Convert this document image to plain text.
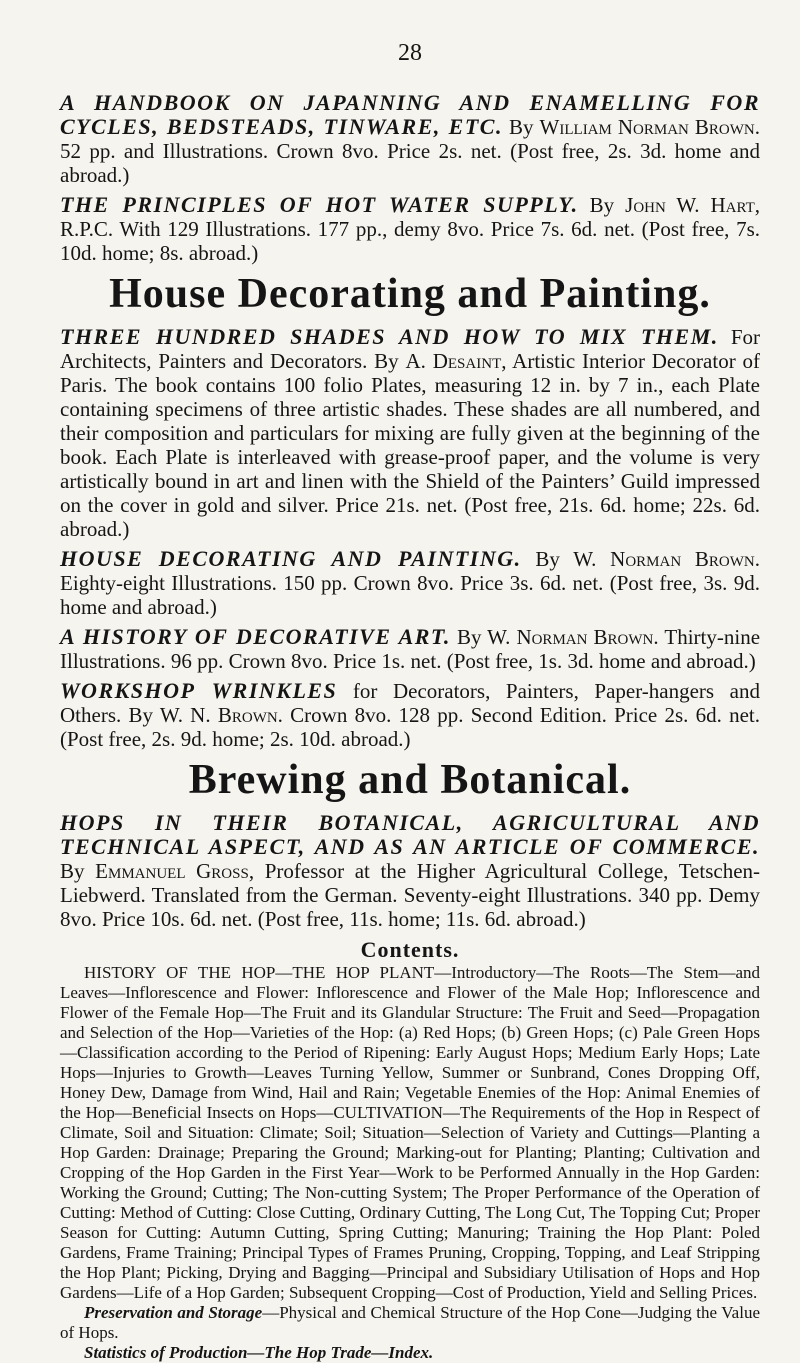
28

A HANDBOOK ON JAPANNING AND ENAMELLING FOR CYCLES, BEDSTEADS, TINWARE, ETC. By William Norman Brown. 52 pp. and Illustrations. Crown 8vo. Price 2s. net. (Post free, 2s. 3d. home and abroad.)

THE PRINCIPLES OF HOT WATER SUPPLY. By John W. Hart, R.P.C. With 129 Illustrations. 177 pp., demy 8vo. Price 7s. 6d. net. (Post free, 7s. 10d. home; 8s. abroad.)

House Decorating and Painting.

THREE HUNDRED SHADES AND HOW TO MIX THEM. For Architects, Painters and Decorators. By A. Desaint, Artistic Interior Decorator of Paris. The book contains 100 folio Plates, measuring 12 in. by 7 in., each Plate containing specimens of three artistic shades. These shades are all numbered, and their composition and particulars for mixing are fully given at the beginning of the book. Each Plate is interleaved with grease-proof paper, and the volume is very artistically bound in art and linen with the Shield of the Painters’ Guild impressed on the cover in gold and silver. Price 21s. net. (Post free, 21s. 6d. home; 22s. 6d. abroad.)

HOUSE DECORATING AND PAINTING. By W. Norman Brown. Eighty-eight Illustrations. 150 pp. Crown 8vo. Price 3s. 6d. net. (Post free, 3s. 9d. home and abroad.)

A HISTORY OF DECORATIVE ART. By W. Norman Brown. Thirty-nine Illustrations. 96 pp. Crown 8vo. Price 1s. net. (Post free, 1s. 3d. home and abroad.)

WORKSHOP WRINKLES for Decorators, Painters, Paper-hangers and Others. By W. N. Brown. Crown 8vo. 128 pp. Second Edition. Price 2s. 6d. net. (Post free, 2s. 9d. home; 2s. 10d. abroad.)

Brewing and Botanical.

HOPS IN THEIR BOTANICAL, AGRICULTURAL AND TECHNICAL ASPECT, AND AS AN ARTICLE OF COMMERCE. By Emmanuel Gross, Professor at the Higher Agricultural College, Tetschen-Liebwerd. Translated from the German. Seventy-eight Illustrations. 340 pp. Demy 8vo. Price 10s. 6d. net. (Post free, 11s. home; 11s. 6d. abroad.)

Contents.

HISTORY OF THE HOP—THE HOP PLANT—Introductory—The Roots—The Stem—and Leaves—Inflorescence and Flower: Inflorescence and Flower of the Male Hop; Inflorescence and Flower of the Female Hop—The Fruit and its Glandular Structure: The Fruit and Seed—Propagation and Selection of the Hop—Varieties of the Hop: (a) Red Hops; (b) Green Hops; (c) Pale Green Hops—Classification according to the Period of Ripening: Early August Hops; Medium Early Hops; Late Hops—Injuries to Growth—Leaves Turning Yellow, Summer or Sunbrand, Cones Dropping Off, Honey Dew, Damage from Wind, Hail and Rain; Vegetable Enemies of the Hop: Animal Enemies of the Hop—Beneficial Insects on Hops—CULTIVATION—The Requirements of the Hop in Respect of Climate, Soil and Situation: Climate; Soil; Situation—Selection of Variety and Cuttings—Planting a Hop Garden: Drainage; Preparing the Ground; Marking-out for Planting; Planting; Cultivation and Cropping of the Hop Garden in the First Year—Work to be Performed Annually in the Hop Garden: Working the Ground; Cutting; The Non-cutting System; The Proper Performance of the Operation of Cutting: Method of Cutting: Close Cutting, Ordinary Cutting, The Long Cut, The Topping Cut; Proper Season for Cutting: Autumn Cutting, Spring Cutting; Manuring; Training the Hop Plant: Poled Gardens, Frame Training; Principal Types of Frames Pruning, Cropping, Topping, and Leaf Stripping the Hop Plant; Picking, Drying and Bagging—Principal and Subsidiary Utilisation of Hops and Hop Gardens—Life of a Hop Garden; Subsequent Cropping—Cost of Production, Yield and Selling Prices.

Preservation and Storage—Physical and Chemical Structure of the Hop Cone—Judging the Value of Hops.

Statistics of Production—The Hop Trade—Index.
